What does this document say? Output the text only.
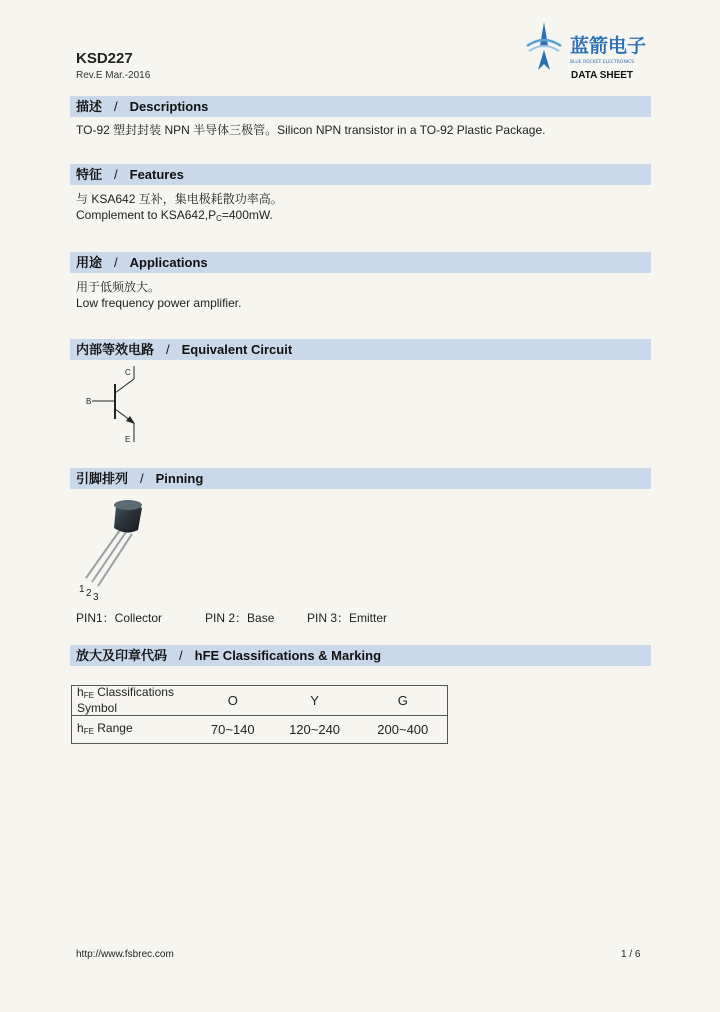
KSD227
Rev.E Mar.-2016
蓝箭电子
BLUE ROCKET ELECTRONICS
DATA SHEET
描述 / Descriptions
TO-92 塑封封装 NPN 半导体三极管。Silicon NPN transistor in a TO-92 Plastic Package.
特征 / Features
与 KSA642 互补，集电极耗散功率高。
Complement to $KSA642,P_C=400mW$.
用途 / Applications
用于低频放大。
Low frequency power amplifier.
内部等效电路 / Equivalent Circuit
B
C
E
引脚排列 / Pinning
1 2 3
PIN1：Collector	PIN 2：Base	PIN 3：Emitter
放大及印章代码 / hFE Classifications & Marking
$h_{FE}$ Classifications
Symbol	O	Y	G
$h_{FE}$ Range	70~140	120~240	200~400
http://www.fsbrec.com	1 / 6
